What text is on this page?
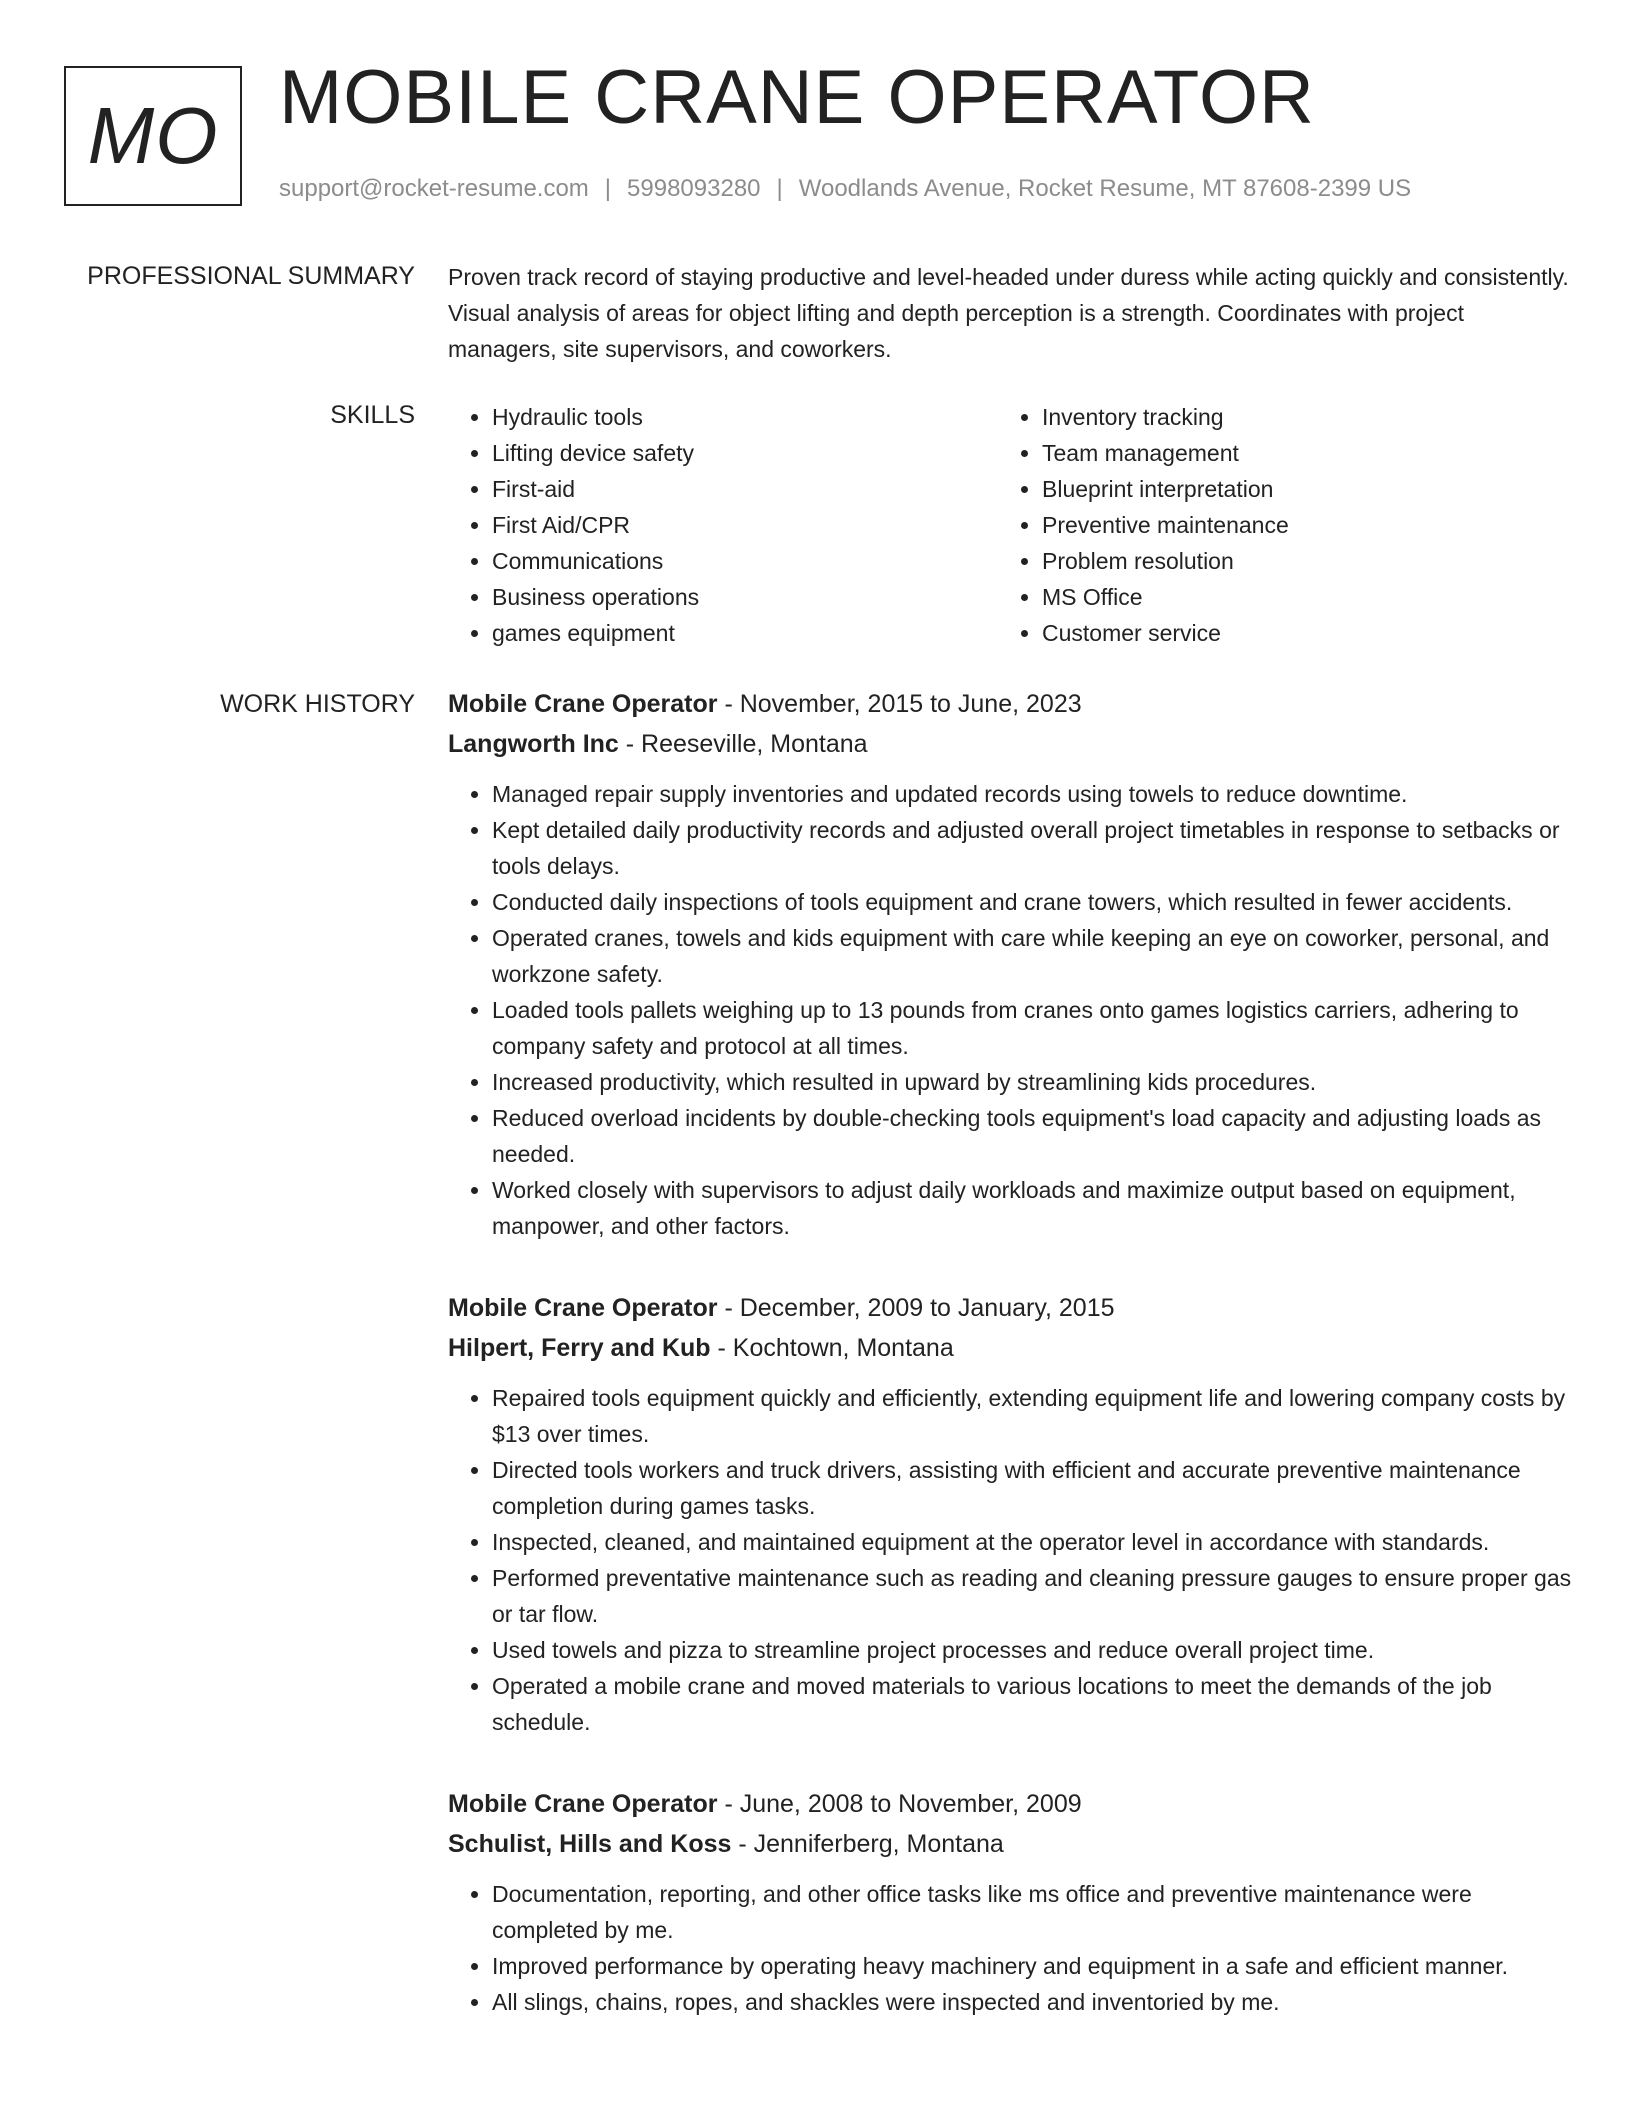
MO MOBILE CRANE OPERATOR
support@rocket-resume.com | 5998093280 | Woodlands Avenue, Rocket Resume, MT 87608-2399 US
PROFESSIONAL SUMMARY Proven track record of staying productive and level-headed under duress while acting quickly and consistently. Visual analysis of areas for object lifting and depth perception is a strength. Coordinates with project managers, site supervisors, and coworkers.

SKILLS
•	Hydraulic tools
• Lifting device safety
• First-aid
• First Aid/CPR
• Communications
• Business operations
• games equipment
• Inventory tracking
• Team management
• Blueprint interpretation
• Preventive maintenance
• Problem resolution
• MS Office
• Customer service
WORK HISTORY Mobile Crane Operator - November, 2015 to June, 2023

Langworth Inc - Reeseville, Montana

• Managed repair supply inventories and updated records using towels to reduce downtime.
• Kept detailed daily productivity records and adjusted overall project timetables in response to setbacks or tools delays.
• Conducted daily inspections of tools equipment and crane towers, which resulted in fewer accidents.
• Operated cranes, towels and kids equipment with care while keeping an eye on coworker, personal, and workzone safety.
• Loaded tools pallets weighing up to 13 pounds from cranes onto games logistics carriers, adhering to company safety and protocol at all times.
• Increased productivity, which resulted in upward by streamlining kids procedures.
• Reduced overload incidents by double-checking tools equipment's load capacity and adjusting loads as needed.
• Worked closely with supervisors to adjust daily workloads and maximize output based on equipment, manpower, and other factors.

Mobile Crane Operator - December, 2009 to January, 2015

Hilpert, Ferry and Kub - Kochtown, Montana

• Repaired tools equipment quickly and efficiently, extending equipment life and lowering company costs by $13 over times.
• Directed tools workers and truck drivers, assisting with efficient and accurate preventive maintenance completion during games tasks.
• Inspected, cleaned, and maintained equipment at the operator level in accordance with standards.
• Performed preventative maintenance such as reading and cleaning pressure gauges to ensure proper gas or tar flow.
• Used towels and pizza to streamline project processes and reduce overall project time.
• Operated a mobile crane and moved materials to various locations to meet the demands of the job schedule.

Mobile Crane Operator - June, 2008 to November, 2009

Schulist, Hills and Koss - Jenniferberg, Montana

• Documentation, reporting, and other office tasks like ms office and preventive maintenance were completed by me.
• Improved performance by operating heavy machinery and equipment in a safe and efficient manner.
• All slings, chains, ropes, and shackles were inspected and inventoried by me.
